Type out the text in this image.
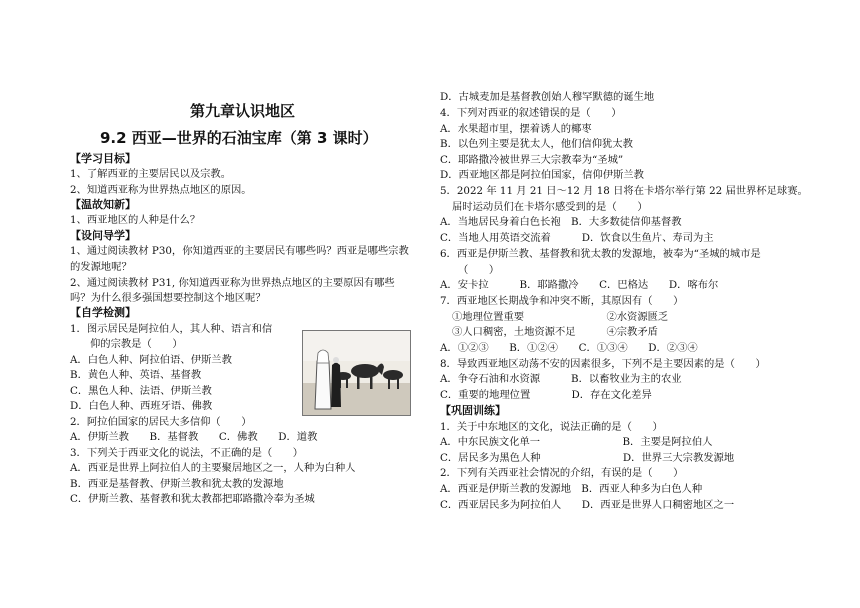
第九章认识地区
9.2 西亚—世界的石油宝库（第 3 课时）
【学习目标】
1、了解西亚的主要居民以及宗教。
2、知道西亚称为世界热点地区的原因。
【温故知新】
1、西亚地区的人种是什么？
【设问导学】
1、通过阅读教材 P30，你知道西亚的主要居民有哪些吗？西亚是哪些宗教
的发源地呢？
2、通过阅读教材 P31, 你知道西亚称为世界热点地区的主要原因有哪些
吗？为什么很多强国想要控制这个地区呢？
【自学检测】
1．图示居民是阿拉伯人，其人种、语言和信
仰的宗教是（　　）
A．白色人种、阿拉伯语、伊斯兰教
B．黄色人种、英语、基督教
C．黑色人种、法语、伊斯兰教
D．白色人种、西班牙语、佛教
2．阿拉伯国家的居民大多信仰（　　）
A．伊斯兰教　　B．基督教　　C．佛教　　D．道教
3．下列关于西亚文化的说法，不正确的是（　　）
A．西亚是世界上阿拉伯人的主要聚居地区之一，人种为白种人
B．西亚是基督教、伊斯兰教和犹太教的发源地
C．伊斯兰教、基督教和犹太教都把耶路撒冷奉为圣城
D．古城麦加是基督教创始人穆罕默德的诞生地
4．下列对西亚的叙述错误的是（　　）
A．水果超市里，摆着诱人的椰枣
B．以色列主要是犹太人，他们信仰犹太教
C．耶路撒冷被世界三大宗教奉为“圣城”
D．西亚地区都是阿拉伯国家，信仰伊斯兰教
5．2022 年 11 月 21 日～12 月 18 日将在卡塔尔举行第 22 届世界杯足球赛。
届时运动员们在卡塔尔感受到的是（　　）
A．当地居民身着白色长袍　B．大多数徒信仰基督教
C．当地人用英语交流着　　　D．饮食以生鱼片、寿司为主
6．西亚是伊斯兰教、基督教和犹太教的发源地，被奉为“圣城的城市是
（　　）
A．安卡拉　　　B．耶路撒冷　　C．巴格达　　D．喀布尔
7．西亚地区长期战争和冲突不断，其原因有（　　）
①地理位置重要　　　　　　　　②水资源匮乏
③人口稠密，土地资源不足　　　④宗教矛盾
A．①②③　　B．①②④　　C．①③④　　D．②③④
8．导致西亚地区动荡不安的因素很多，下列不是主要因素的是（　　）
A．争夺石油和水资源　　　B．以畜牧业为主的农业
C．重要的地理位置　　　　D．存在文化差异
【巩固训练】
1．关于中东地区的文化，说法正确的是（　　）
A．中东民族文化单一　　　　　　　　B．主要是阿拉伯人
C．居民多为黑色人种　　　　　　　　D．世界三大宗教发源地
2．下列有关西亚社会情况的介绍，有误的是（　　）
A．西亚是伊斯兰教的发源地　B．西亚人种多为白色人种
C．西亚居民多为阿拉伯人　　D．西亚是世界人口稠密地区之一
